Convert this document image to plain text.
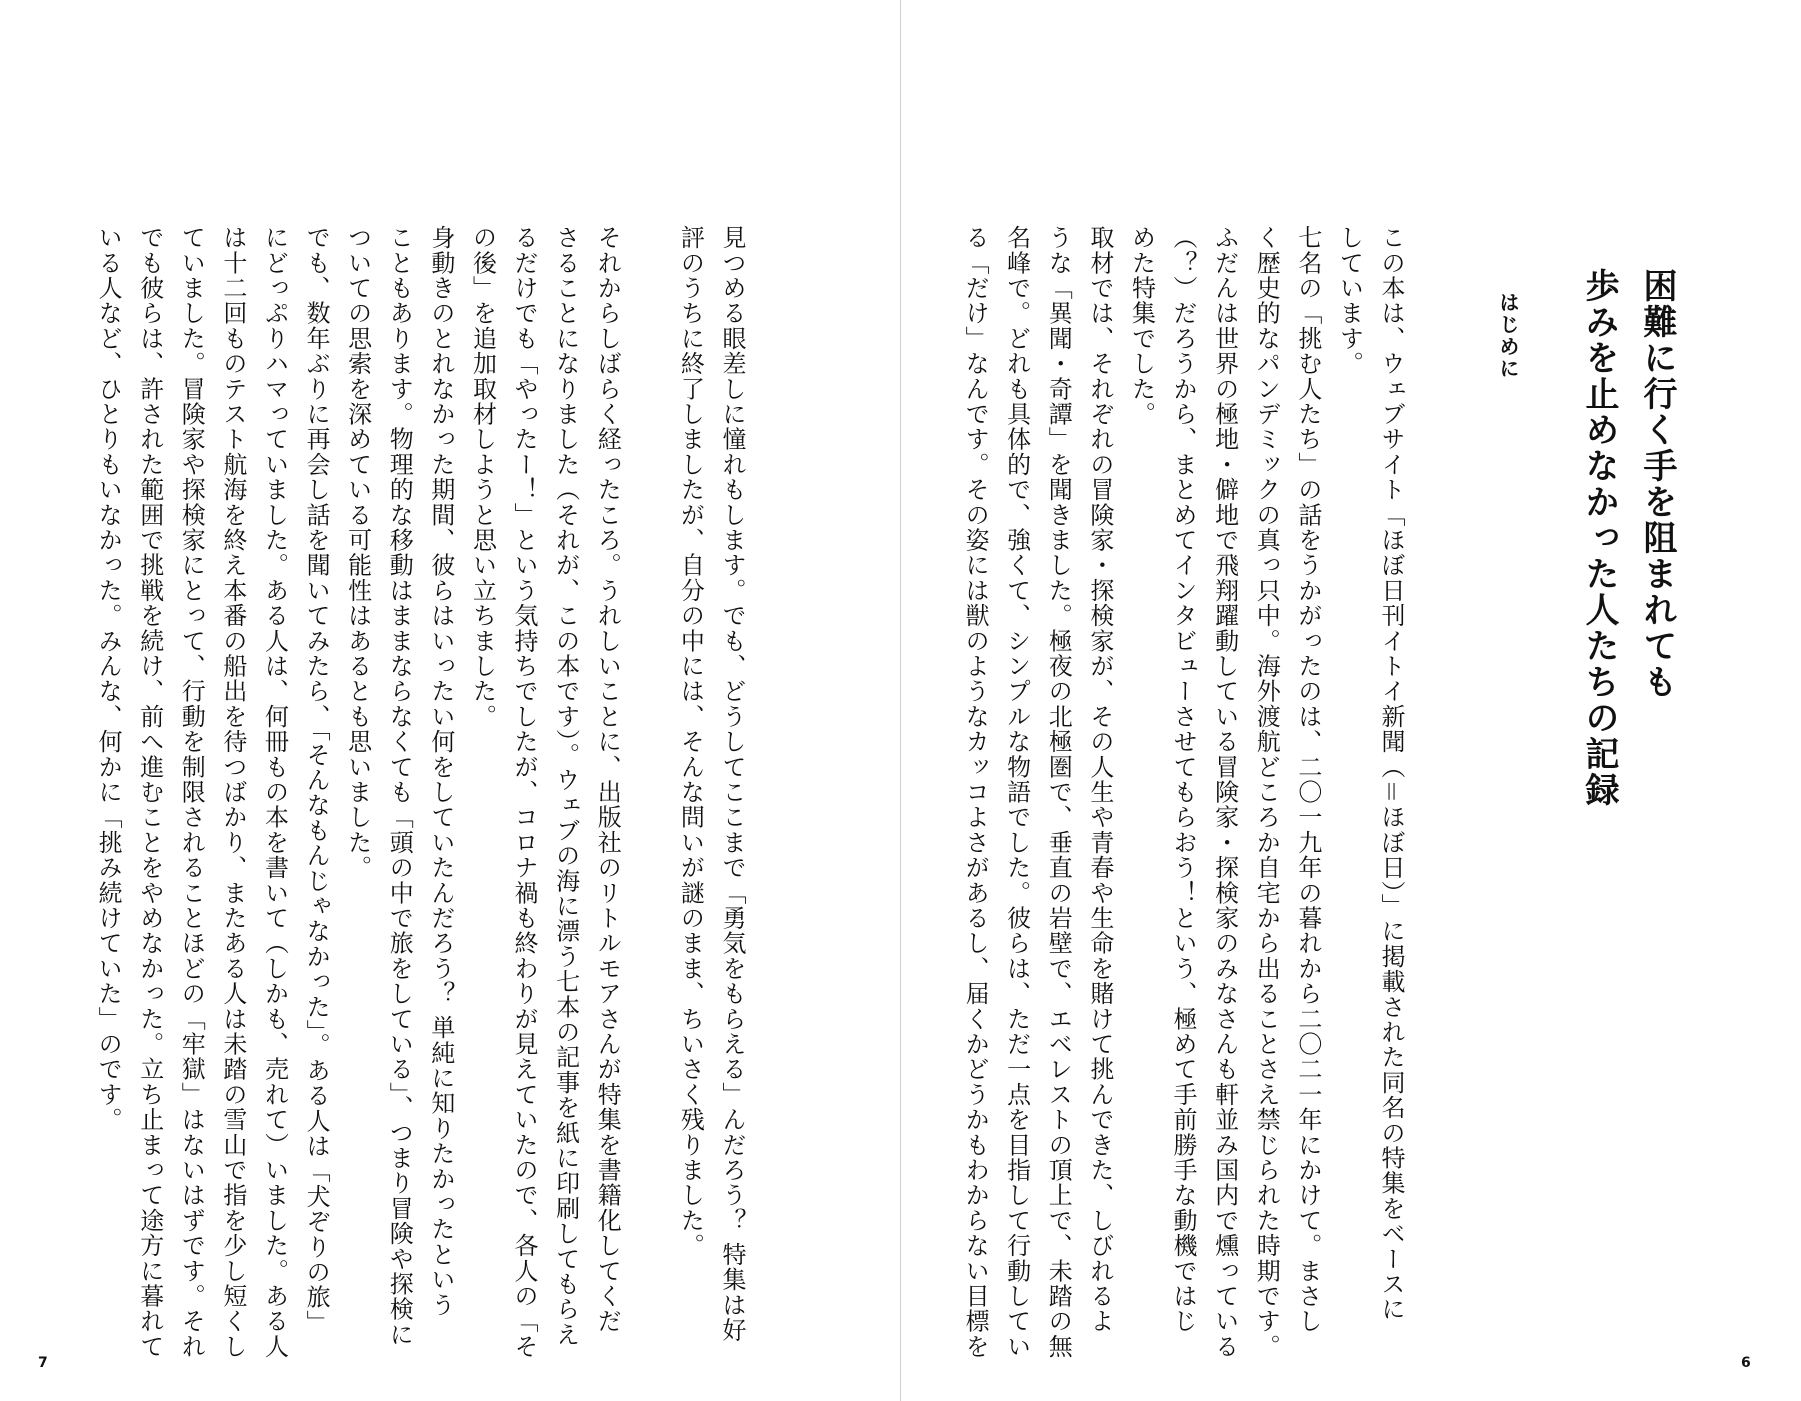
はじめに	困難に行く手を阻まれても
歩みを止めなかった人たちの記録
この本は、ウェブサイト「ほぼ日刊イトイ新聞（＝ほぼ日）」に掲載された同名の特集をベースに
しています。
七名の「挑む人たち」の話をうかがったのは、二〇一九年の暮れから二〇二一年にかけて。まさし
く歴史的なパンデミックの真っ只中。海外渡航どころか自宅から出ることさえ禁じられた時期です。
ふだんは世界の極地・僻地で飛翔躍動している冒険家・探検家のみなさんも軒並み国内で燻っている
（？）だろうから、まとめてインタビューさせてもらおう！という、極めて手前勝手な動機ではじ
めた特集でした。
取材では、それぞれの冒険家・探検家が、その人生や青春や生命を賭けて挑んできた、しびれるよ
うな「異聞・奇譚」を聞きました。極夜の北極圏で、垂直の岩壁で、エベレストの頂上で、未踏の無
名峰で。どれも具体的で、強くて、シンプルな物語でした。彼らは、ただ一点を目指して行動してい
る「だけ」なんです。その姿には獣のようなカッコよさがあるし、届くかどうかもわからない目標を
6
見つめる眼差しに憧れもします。でも、どうしてここまで「勇気をもらえる」んだろう？ 特集は好
評のうちに終了しましたが、自分の中には、そんな問いが謎のまま、ちいさく残りました。

それからしばらく経ったころ。うれしいことに、出版社のリトルモアさんが特集を書籍化してくだ
さることになりました（それが、この本です）。ウェブの海に漂う七本の記事を紙に印刷してもらえ
るだけでも「やったー！」という気持ちでしたが、コロナ禍も終わりが見えていたので、各人の「そ
の後」を追加取材しようと思い立ちました。
身動きのとれなかった期間、彼らはいったい何をしていたんだろう？ 単純に知りたかったという
こともあります。物理的な移動はままならなくても「頭の中で旅をしている」、つまり冒険や探検に
ついての思索を深めている可能性はあるとも思いました。
でも、数年ぶりに再会し話を聞いてみたら、「そんなもんじゃなかった」。ある人は「犬ぞりの旅」
にどっぷりハマっていました。ある人は、何冊もの本を書いて（しかも、売れて）いました。ある人
は十二回ものテスト航海を終え本番の船出を待つばかり、またある人は未踏の雪山で指を少し短くし
ていました。冒険家や探検家にとって、行動を制限されることほどの「牢獄」はないはずです。それ
でも彼らは、許された範囲で挑戦を続け、前へ進むことをやめなかった。立ち止まって途方に暮れて
いる人など、ひとりもいなかった。みんな、何かに「挑み続けていた」のです。
7
